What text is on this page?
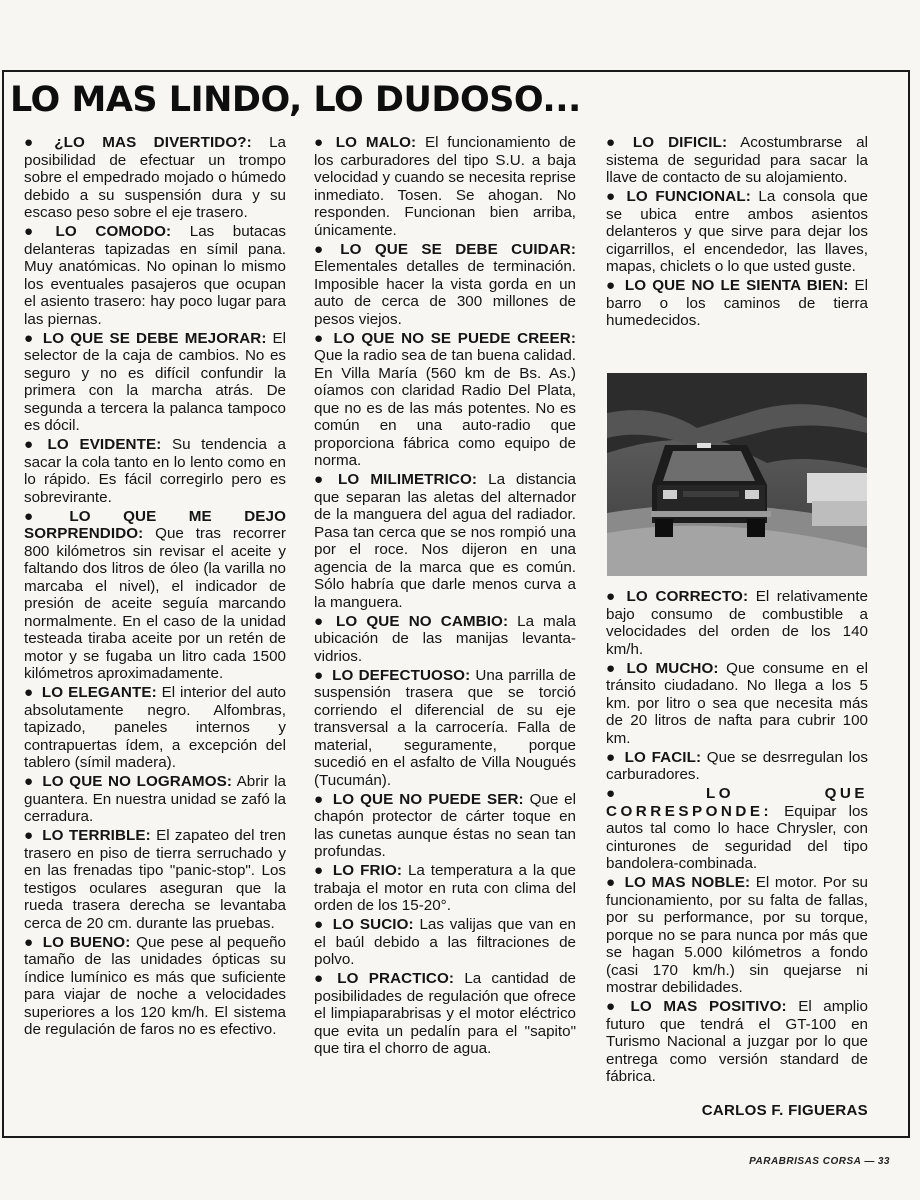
LO MAS LINDO, LO DUDOSO...

● ¿LO MAS DIVERTIDO?: La posibilidad de efectuar un trompo sobre el empedrado mojado o húmedo debido a su suspensión dura y su escaso peso sobre el eje trasero.

● LO COMODO: Las butacas delanteras tapizadas en símil pana. Muy anatómicas. No opinan lo mismo los eventuales pasajeros que ocupan el asiento trasero: hay poco lugar para las piernas.

● LO QUE SE DEBE MEJORAR: El selector de la caja de cambios. No es seguro y no es difícil confundir la primera con la marcha atrás. De segunda a tercera la palanca tampoco es dócil.

● LO EVIDENTE: Su tendencia a sacar la cola tanto en lo lento como en lo rápido. Es fácil corregirlo pero es sobrevirante.

● LO QUE ME DEJO SORPRENDIDO: Que tras recorrer 800 kilómetros sin revisar el aceite y faltando dos litros de óleo (la varilla no marcaba el nivel), el indicador de presión de aceite seguía marcando normalmente. En el caso de la unidad testeada tiraba aceite por un retén de motor y se fugaba un litro cada 1500 kilómetros aproximadamente.

● LO ELEGANTE: El interior del auto absolutamente negro. Alfombras, tapizado, paneles internos y contrapuertas ídem, a excepción del tablero (símil madera).

● LO QUE NO LOGRAMOS: Abrir la guantera. En nuestra unidad se zafó la cerradura.

● LO TERRIBLE: El zapateo del tren trasero en piso de tierra serruchado y en las frenadas tipo "panic-stop". Los testigos oculares aseguran que la rueda trasera derecha se levantaba cerca de 20 cm. durante las pruebas.

● LO BUENO: Que pese al pequeño tamaño de las unidades ópticas su índice lumínico es más que suficiente para viajar de noche a velocidades superiores a los 120 km/h. El sistema de regulación de faros no es efectivo.

● LO MALO: El funcionamiento de los carburadores del tipo S.U. a baja velocidad y cuando se necesita reprise inmediato. Tosen. Se ahogan. No responden. Funcionan bien arriba, únicamente.

● LO QUE SE DEBE CUIDAR: Elementales detalles de terminación. Imposible hacer la vista gorda en un auto de cerca de 300 millones de pesos viejos.

● LO QUE NO SE PUEDE CREER: Que la radio sea de tan buena calidad. En Villa María (560 km de Bs. As.) oíamos con claridad Radio Del Plata, que no es de las más potentes. No es común en una auto-radio que proporciona fábrica como equipo de norma.

● LO MILIMETRICO: La distancia que separan las aletas del alternador de la manguera del agua del radiador. Pasa tan cerca que se nos rompió una por el roce. Nos dijeron en una agencia de la marca que es común. Sólo habría que darle menos curva a la manguera.

● LO QUE NO CAMBIO: La mala ubicación de las manijas levanta-vidrios.

● LO DEFECTUOSO: Una parrilla de suspensión trasera que se torció corriendo el diferencial de su eje transversal a la carrocería. Falla de material, seguramente, porque sucedió en el asfalto de Villa Nougués (Tucumán).

● LO QUE NO PUEDE SER: Que el chapón protector de cárter toque en las cunetas aunque éstas no sean tan profundas.

● LO FRIO: La temperatura a la que trabaja el motor en ruta con clima del orden de los 15-20°.

● LO SUCIO: Las valijas que van en el baúl debido a las filtraciones de polvo.

● LO PRACTICO: La cantidad de posibilidades de regulación que ofrece el limpiaparabrisas y el motor eléctrico que evita un pedalín para el "sapito" que tira el chorro de agua.

● LO DIFICIL: Acostumbrarse al sistema de seguridad para sacar la llave de contacto de su alojamiento.

● LO FUNCIONAL: La consola que se ubica entre ambos asientos delanteros y que sirve para dejar los cigarrillos, el encendedor, las llaves, mapas, chiclets o lo que usted guste.

● LO QUE NO LE SIENTA BIEN: El barro o los caminos de tierra humedecidos.

● LO CORRECTO: El relativamente bajo consumo de combustible a velocidades del orden de los 140 km/h.

● LO MUCHO: Que consume en el tránsito ciudadano. No llega a los 5 km. por litro o sea que necesita más de 20 litros de nafta para cubrir 100 km.

● LO FACIL: Que se desrregulan los carburadores.

● LO QUE CORRESPONDE: Equipar los autos tal como lo hace Chrysler, con cinturones de seguridad del tipo bandolera-combinada.

● LO MAS NOBLE: El motor. Por su funcionamiento, por su falta de fallas, por su performance, por su torque, porque no se para nunca por más que se hagan 5.000 kilómetros a fondo (casi 170 km/h.) sin quejarse ni mostrar debilidades.

● LO MAS POSITIVO: El amplio futuro que tendrá el GT-100 en Turismo Nacional a juzgar por lo que entrega como versión standard de fábrica.

CARLOS F. FIGUERAS
PARABRISAS CORSA — 33
